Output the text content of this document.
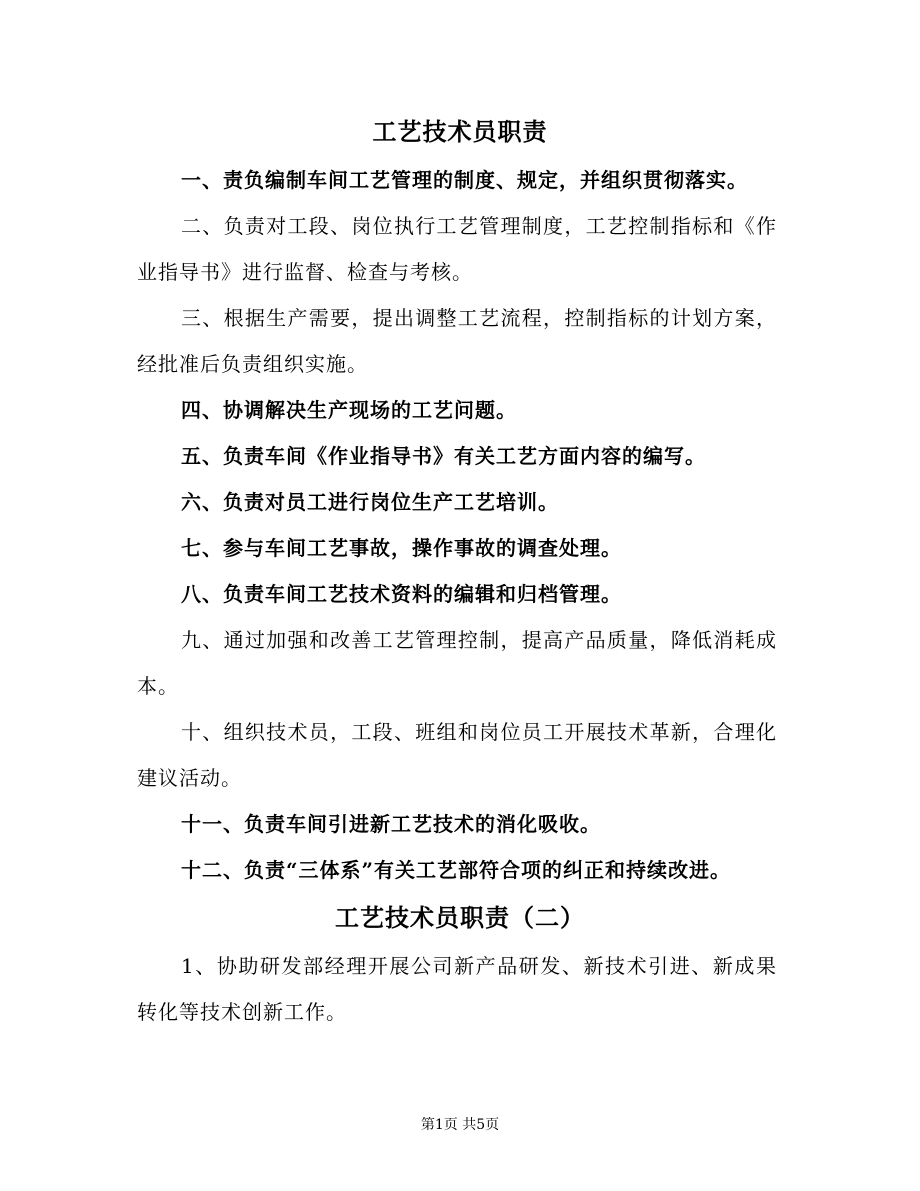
工艺技术员职责

一、责负编制车间工艺管理的制度、规定，并组织贯彻落实。

二、负责对工段、岗位执行工艺管理制度，工艺控制指标和《作业指导书》进行监督、检查与考核。

三、根据生产需要，提出调整工艺流程，控制指标的计划方案，经批准后负责组织实施。

四、协调解决生产现场的工艺问题。

五、负责车间《作业指导书》有关工艺方面内容的编写。

六、负责对员工进行岗位生产工艺培训。

七、参与车间工艺事故，操作事故的调查处理。

八、负责车间工艺技术资料的编辑和归档管理。

九、通过加强和改善工艺管理控制，提高产品质量，降低消耗成本。

十、组织技术员，工段、班组和岗位员工开展技术革新，合理化建议活动。

十一、负责车间引进新工艺技术的消化吸收。

十二、负责“三体系”有关工艺部符合项的纠正和持续改进。

工艺技术员职责（二）

1、协助研发部经理开展公司新产品研发、新技术引进、新成果转化等技术创新工作。

第1页 共5页
